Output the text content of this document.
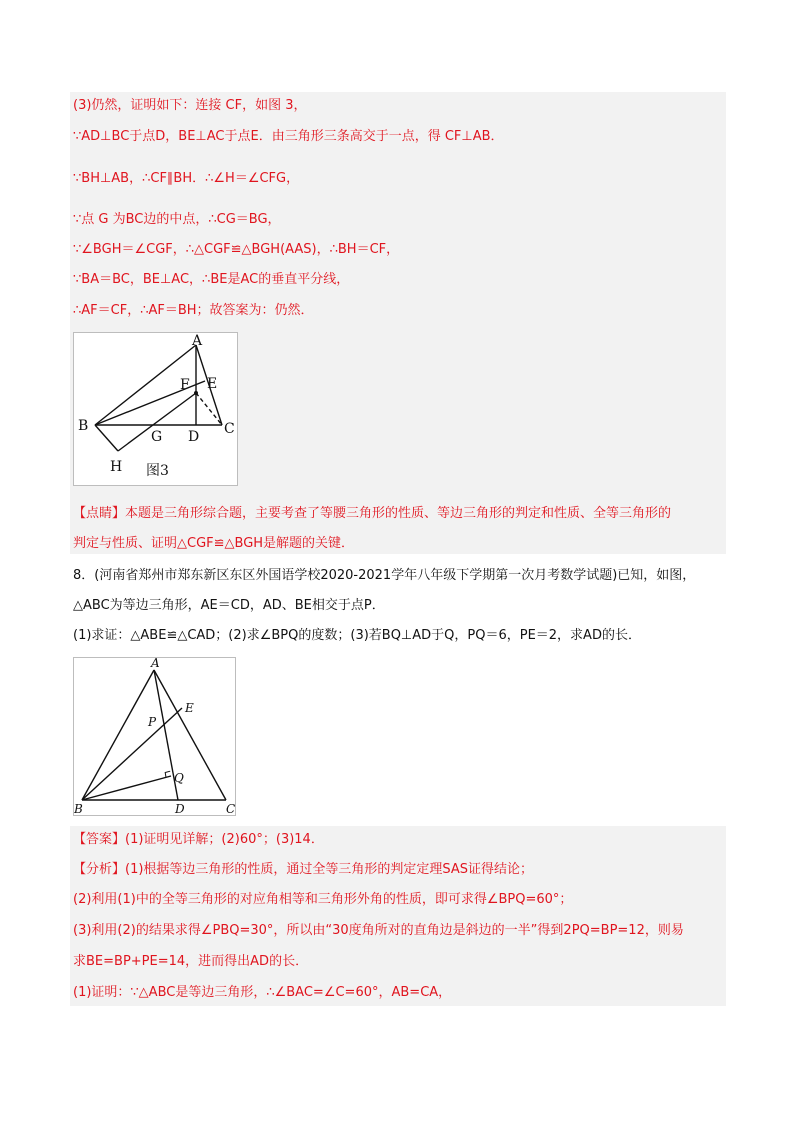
(3)仍然，证明如下：连接 CF，如图 3，
∵AD⊥BC于点D，BE⊥AC于点E．由三角形三条高交于一点，得 CF⊥AB．
∵BH⊥AB，∴CF∥BH．∴∠H＝∠CFG，
∵点 G 为BC边的中点，∴CG＝BG，
∵∠BGH＝∠CGF，∴△CGF≌△BGH(AAS)，∴BH＝CF，
∵BA＝BC，BE⊥AC，∴BE是AC的垂直平分线，
∴AF＝CF，∴AF＝BH；故答案为：仍然．
A
B	C
D
E
F
G
H 图3
【点睛】本题是三角形综合题，主要考查了等腰三角形的性质、等边三角形的判定和性质、全等三角形的
判定与性质、证明△CGF≌△BGH是解题的关键．
8．(河南省郑州市郑东新区东区外国语学校2020-2021学年八年级下学期第一次月考数学试题)已知，如图，
△ABC为等边三角形，AE＝CD，AD、BE相交于点P．
(1)求证：△ABE≌△CAD；(2)求∠BPQ的度数；(3)若BQ⊥AD于Q，PQ＝6，PE＝2，求AD的长．
A
B	C
D
E
P
Q
【答案】(1)证明见详解；(2)60°；(3)14．
【分析】(1)根据等边三角形的性质，通过全等三角形的判定定理SAS证得结论；
(2)利用(1)中的全等三角形的对应角相等和三角形外角的性质，即可求得∠BPQ=60°；
(3)利用(2)的结果求得∠PBQ=30°，所以由“30度角所对的直角边是斜边的一半”得到2PQ=BP=12，则易
求BE=BP+PE=14，进而得出AD的长．
(1)证明：∵△ABC是等边三角形，∴∠BAC=∠C=60°，AB=CA，
